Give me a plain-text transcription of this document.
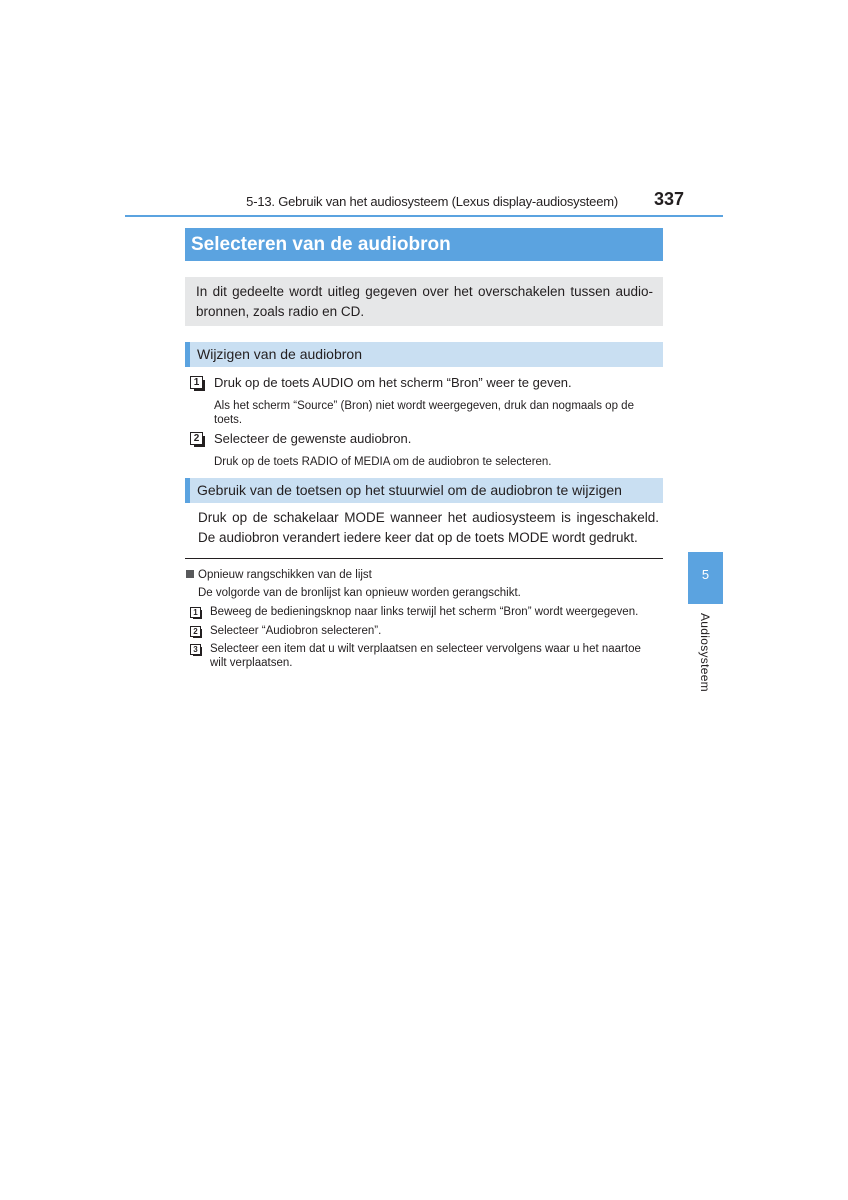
5-13. Gebruik van het audiosysteem (Lexus display-audiosysteem)	337
Selecteren van de audiobron
In dit gedeelte wordt uitleg gegeven over het overschakelen tussen audio-bronnen, zoals radio en CD.
Wijzigen van de audiobron
1 Druk op de toets AUDIO om het scherm “Bron” weer te geven.
Als het scherm “Source” (Bron) niet wordt weergegeven, druk dan nogmaals op de toets.
2 Selecteer de gewenste audiobron.
Druk op de toets RADIO of MEDIA om de audiobron te selecteren.
Gebruik van de toetsen op het stuurwiel om de audiobron te wijzigen
Druk op de schakelaar MODE wanneer het audiosysteem is ingeschakeld. De audiobron verandert iedere keer dat op de toets MODE wordt gedrukt.
Opnieuw rangschikken van de lijst
De volgorde van de bronlijst kan opnieuw worden gerangschikt.
1 Beweeg de bedieningsknop naar links terwijl het scherm “Bron” wordt weergegeven.
2 Selecteer “Audiobron selecteren”.
3 Selecteer een item dat u wilt verplaatsen en selecteer vervolgens waar u het naartoe wilt verplaatsen.
5
Audiosysteem
